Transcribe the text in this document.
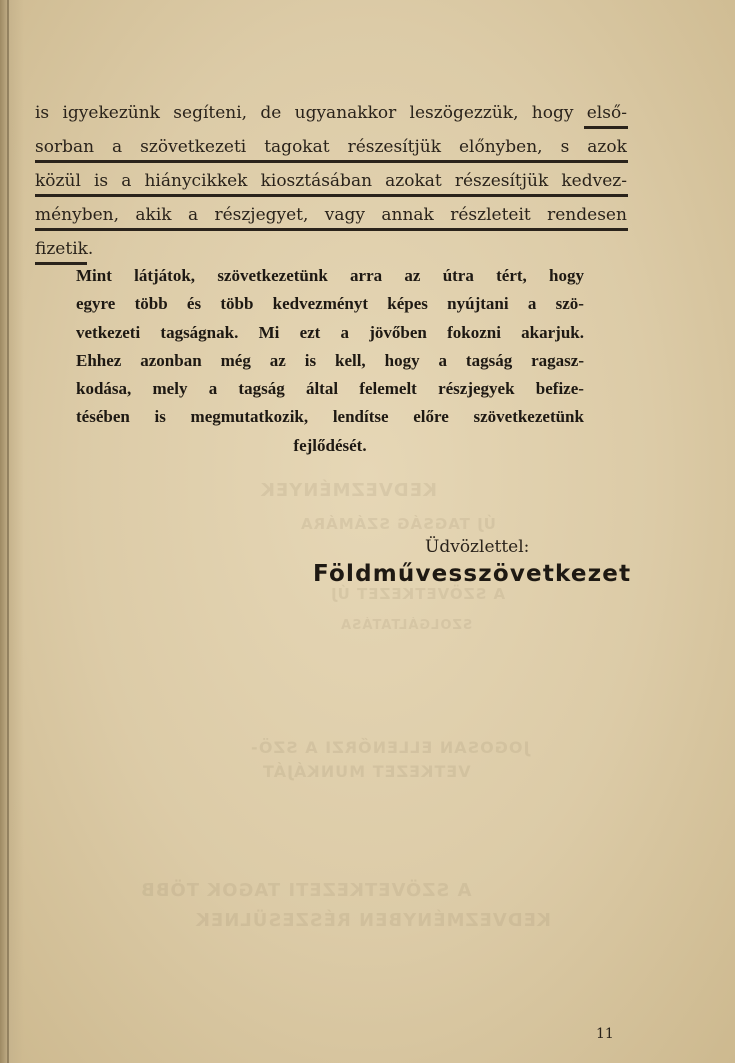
KEDVEZMÉNYEK
ÚJ TAGSÁG SZÁMÁRA
A SZÖVETKEZET ÚJ
SZOLGÁLTATÁSA
JOGOSAN ELLENŐRZI A SZÖ-
VETKEZET MUNKÁJÁT
A SZÖVETKEZETI TAGOK TÖBB
KEDVEZMÉNYBEN RÉSZESÜLNEK
is igyekezünk segíteni, de ugyanakkor leszögezzük, hogy első-
sorban a szövetkezeti tagokat részesítjük előnyben, s azok
közül is a hiánycikkek kiosztásában azokat részesítjük kedvez-
ményben, akik a részjegyet, vagy annak részleteit rendesen
fizetik.
Mint látjátok, szövetkezetünk arra az útra tért, hogy
egyre több és több kedvezményt képes nyújtani a szö-
vetkezeti tagságnak. Mi ezt a jövőben fokozni akarjuk.
Ehhez azonban még az is kell, hogy a tagság ragasz-
kodása, mely a tagság által felemelt részjegyek befize-
tésében is megmutatkozik, lendítse előre szövetkezetünk
fejlődését.
Üdvözlettel:
Földművesszövetkezet
11
